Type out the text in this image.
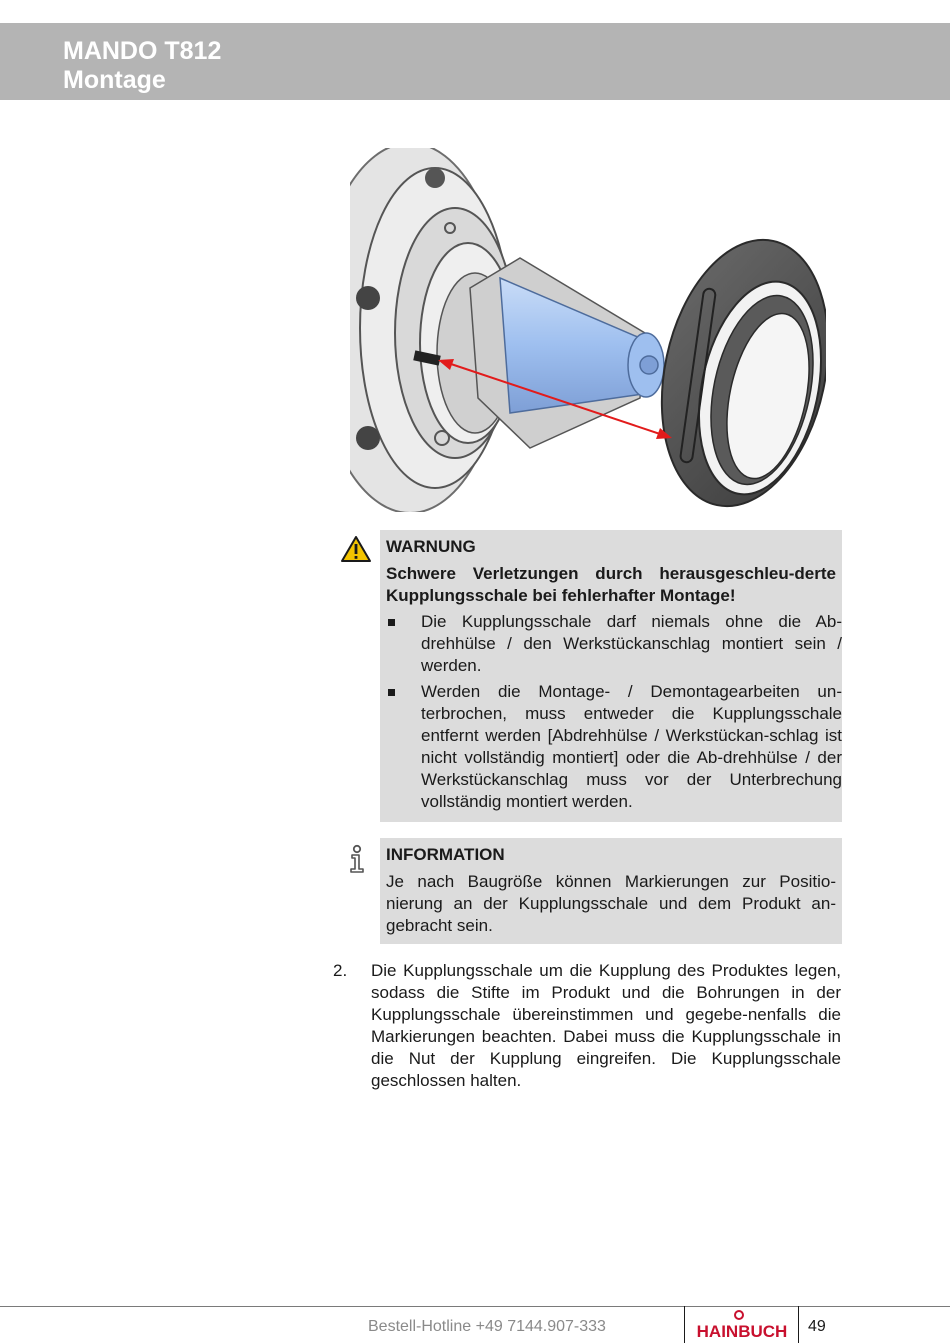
MANDO T812
Montage
WARNUNG
Schwere Verletzungen durch herausgeschleu-derte Kupplungsschale bei fehlerhafter Montage!
Die Kupplungsschale darf niemals ohne die Ab-drehhülse / den Werkstückanschlag montiert sein / werden.
Werden die Montage- / Demontagearbeiten un-terbrochen, muss entweder die Kupplungsschale entfernt werden [Abdrehhülse / Werkstückan-schlag ist nicht vollständig montiert] oder die Ab-drehhülse / der Werkstückanschlag muss vor der Unterbrechung vollständig montiert werden.
INFORMATION
Je nach Baugröße können Markierungen zur Positio-nierung an der Kupplungsschale und dem Produkt an-gebracht sein.
2. Die Kupplungsschale um die Kupplung des Produktes legen, sodass die Stifte im Produkt und die Bohrungen in der Kupplungsschale übereinstimmen und gegebe-nenfalls die Markierungen beachten. Dabei muss die Kupplungsschale in die Nut der Kupplung eingreifen. Die Kupplungsschale geschlossen halten.
Bestell-Hotline +49 7144.907-333	HAINBUCH 49
